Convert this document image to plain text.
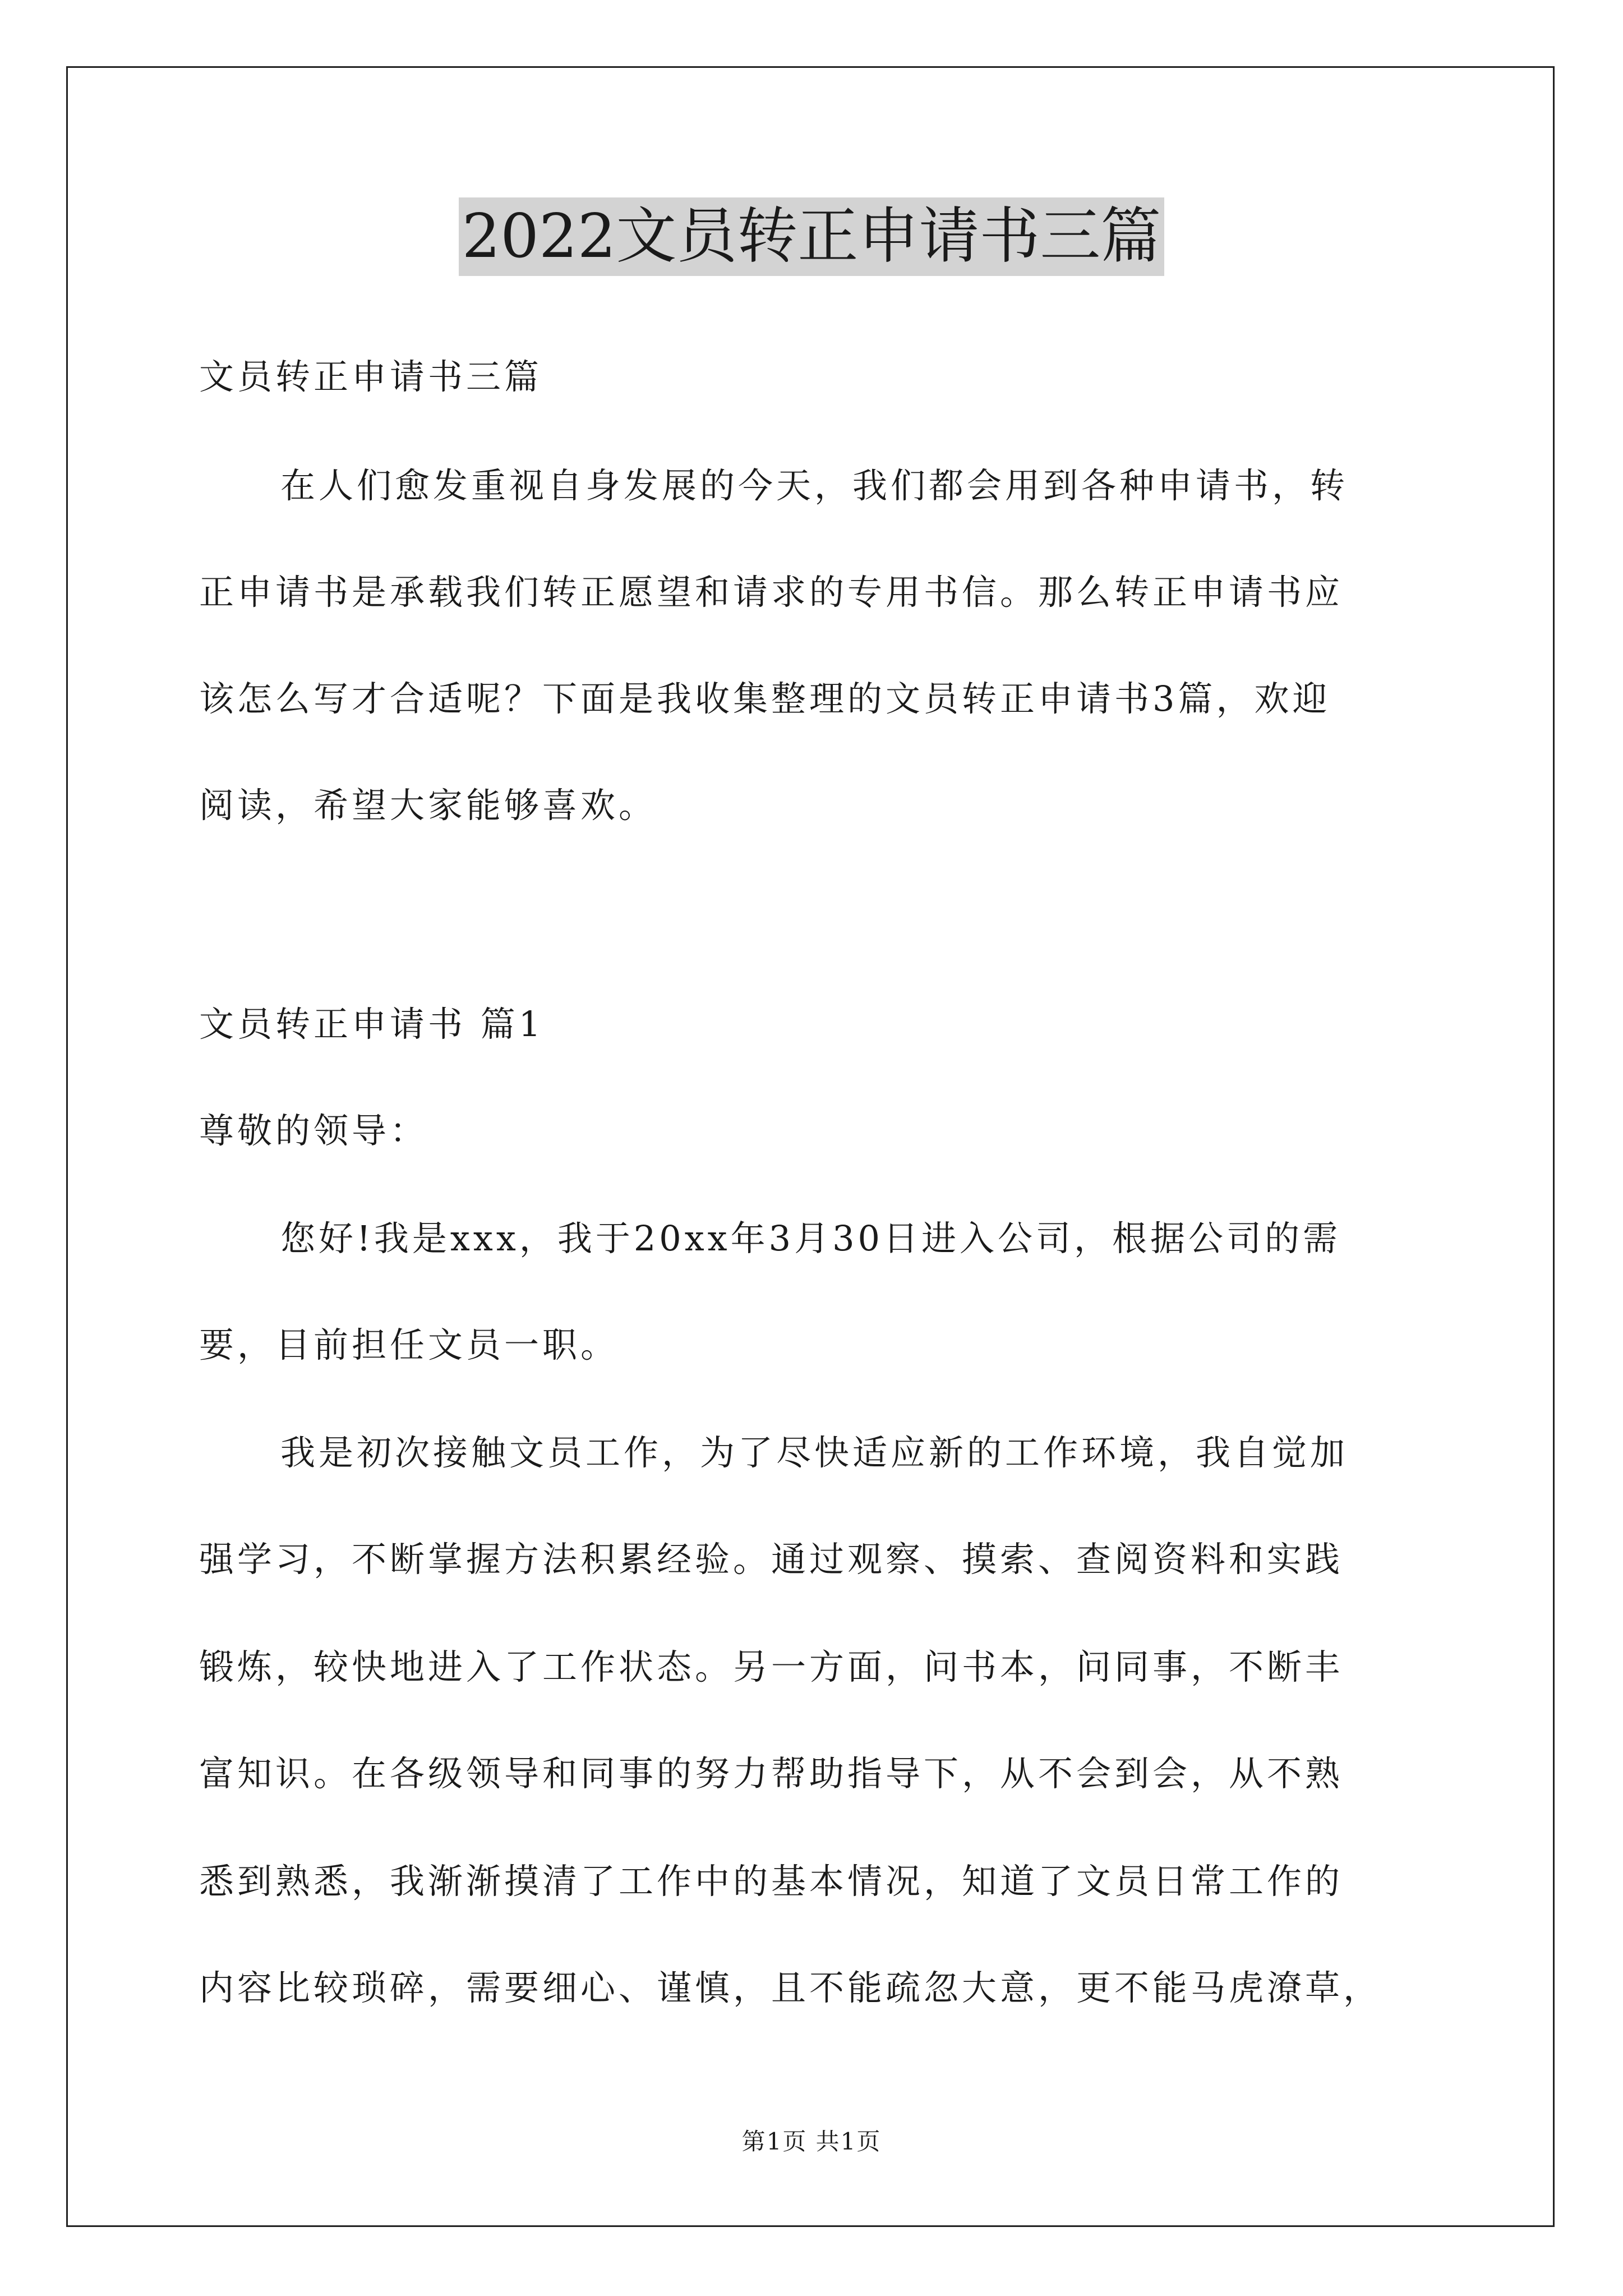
2022文员转正申请书三篇
文员转正申请书三篇
在人们愈发重视自身发展的今天，我们都会用到各种申请书，转
正申请书是承载我们转正愿望和请求的专用书信。那么转正申请书应
该怎么写才合适呢？下面是我收集整理的文员转正申请书3篇，欢迎
阅读，希望大家能够喜欢。
文员转正申请书 篇1
尊敬的领导：
您好!我是xxx，我于20xx年3月30日进入公司，根据公司的需
要，目前担任文员一职。
我是初次接触文员工作，为了尽快适应新的工作环境，我自觉加
强学习，不断掌握方法积累经验。通过观察、摸索、查阅资料和实践
锻炼，较快地进入了工作状态。另一方面，问书本，问同事，不断丰
富知识。在各级领导和同事的努力帮助指导下，从不会到会，从不熟
悉到熟悉，我渐渐摸清了工作中的基本情况，知道了文员日常工作的
内容比较琐碎，需要细心、谨慎，且不能疏忽大意，更不能马虎潦草，
第1页 共1页
